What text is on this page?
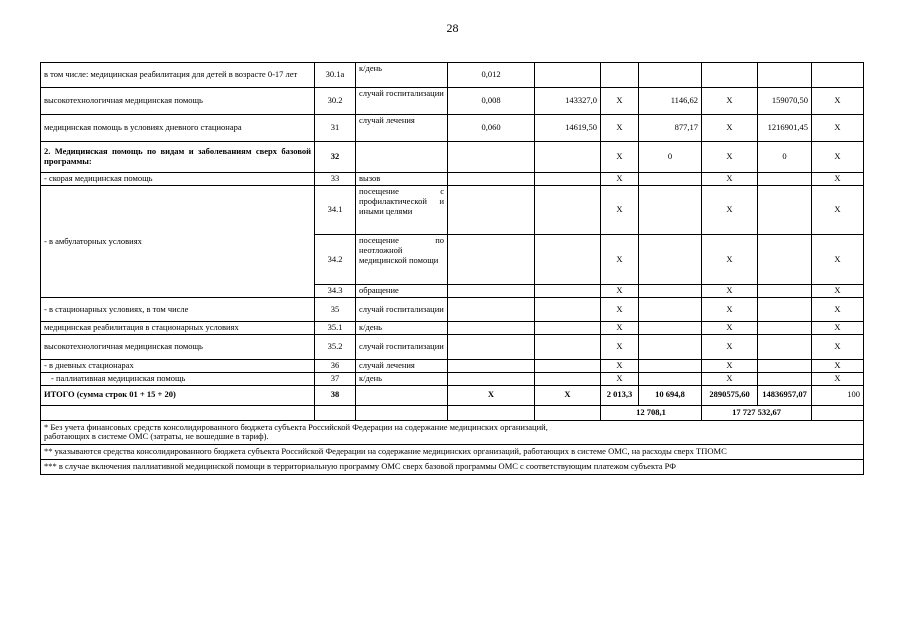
28
в том числе: медицинская реабилитация для детей в возрасте 0-17 лет	30.1а	к/день	0,012						
высокотехнологичная медицинская помощь	30.2	случай госпитализации	0,008	143327,0	Х	1146,62	Х	159070,50	Х
медицинская помощь в условиях дневного стационара	31	случай лечения	0,060	14619,50	Х	877,17	Х	1216901,45	Х
2. Медицинская помощь по видам и заболеваниям сверх базовой программы:	32				Х	0	Х	0	Х
- скорая медицинская помощь	33	вызов			Х		Х		Х
- в амбулаторных условиях	34.1	посещение с профилактической и иными целями			Х		Х		Х
	34.2	посещение по неотложной медицинской помощи			Х		Х		Х
	34.3	обращение			Х		Х		Х
- в стационарных условиях, в том числе	35	случай госпитализации			Х		Х		Х
медицинская реабилитация в стационарных условиях	35.1	к/день			Х		Х		Х
высокотехнологичная медицинская помощь	35.2	случай госпитализации			Х		Х		Х
- в дневных стационарах	36	случай лечения			Х		Х		Х
- паллиативная медицинская помощь	37	к/день			Х		Х		Х
ИТОГО (сумма строк 01 + 15 + 20)	38		Х	Х	2 013,3	10 694,8	2890575,60	14836957,07	100
					12 708,1		17 727 532,67		

* Без учета финансовых средств консолидированного бюджета субъекта Российской Федерации на содержание медицинских организаций,
работающих в системе ОМС (затраты, не вошедшие в тариф).									

** указываются средства консолидированного бюджета субъекта Российской Федерации на содержание медицинских организаций, работающих в системе ОМС, на расходы сверх ТПОМС									
*** в случае включения паллиативной медицинской помощи в территориальную программу ОМС сверх базовой программы ОМС с соответствующим платежом субъекта РФ									
